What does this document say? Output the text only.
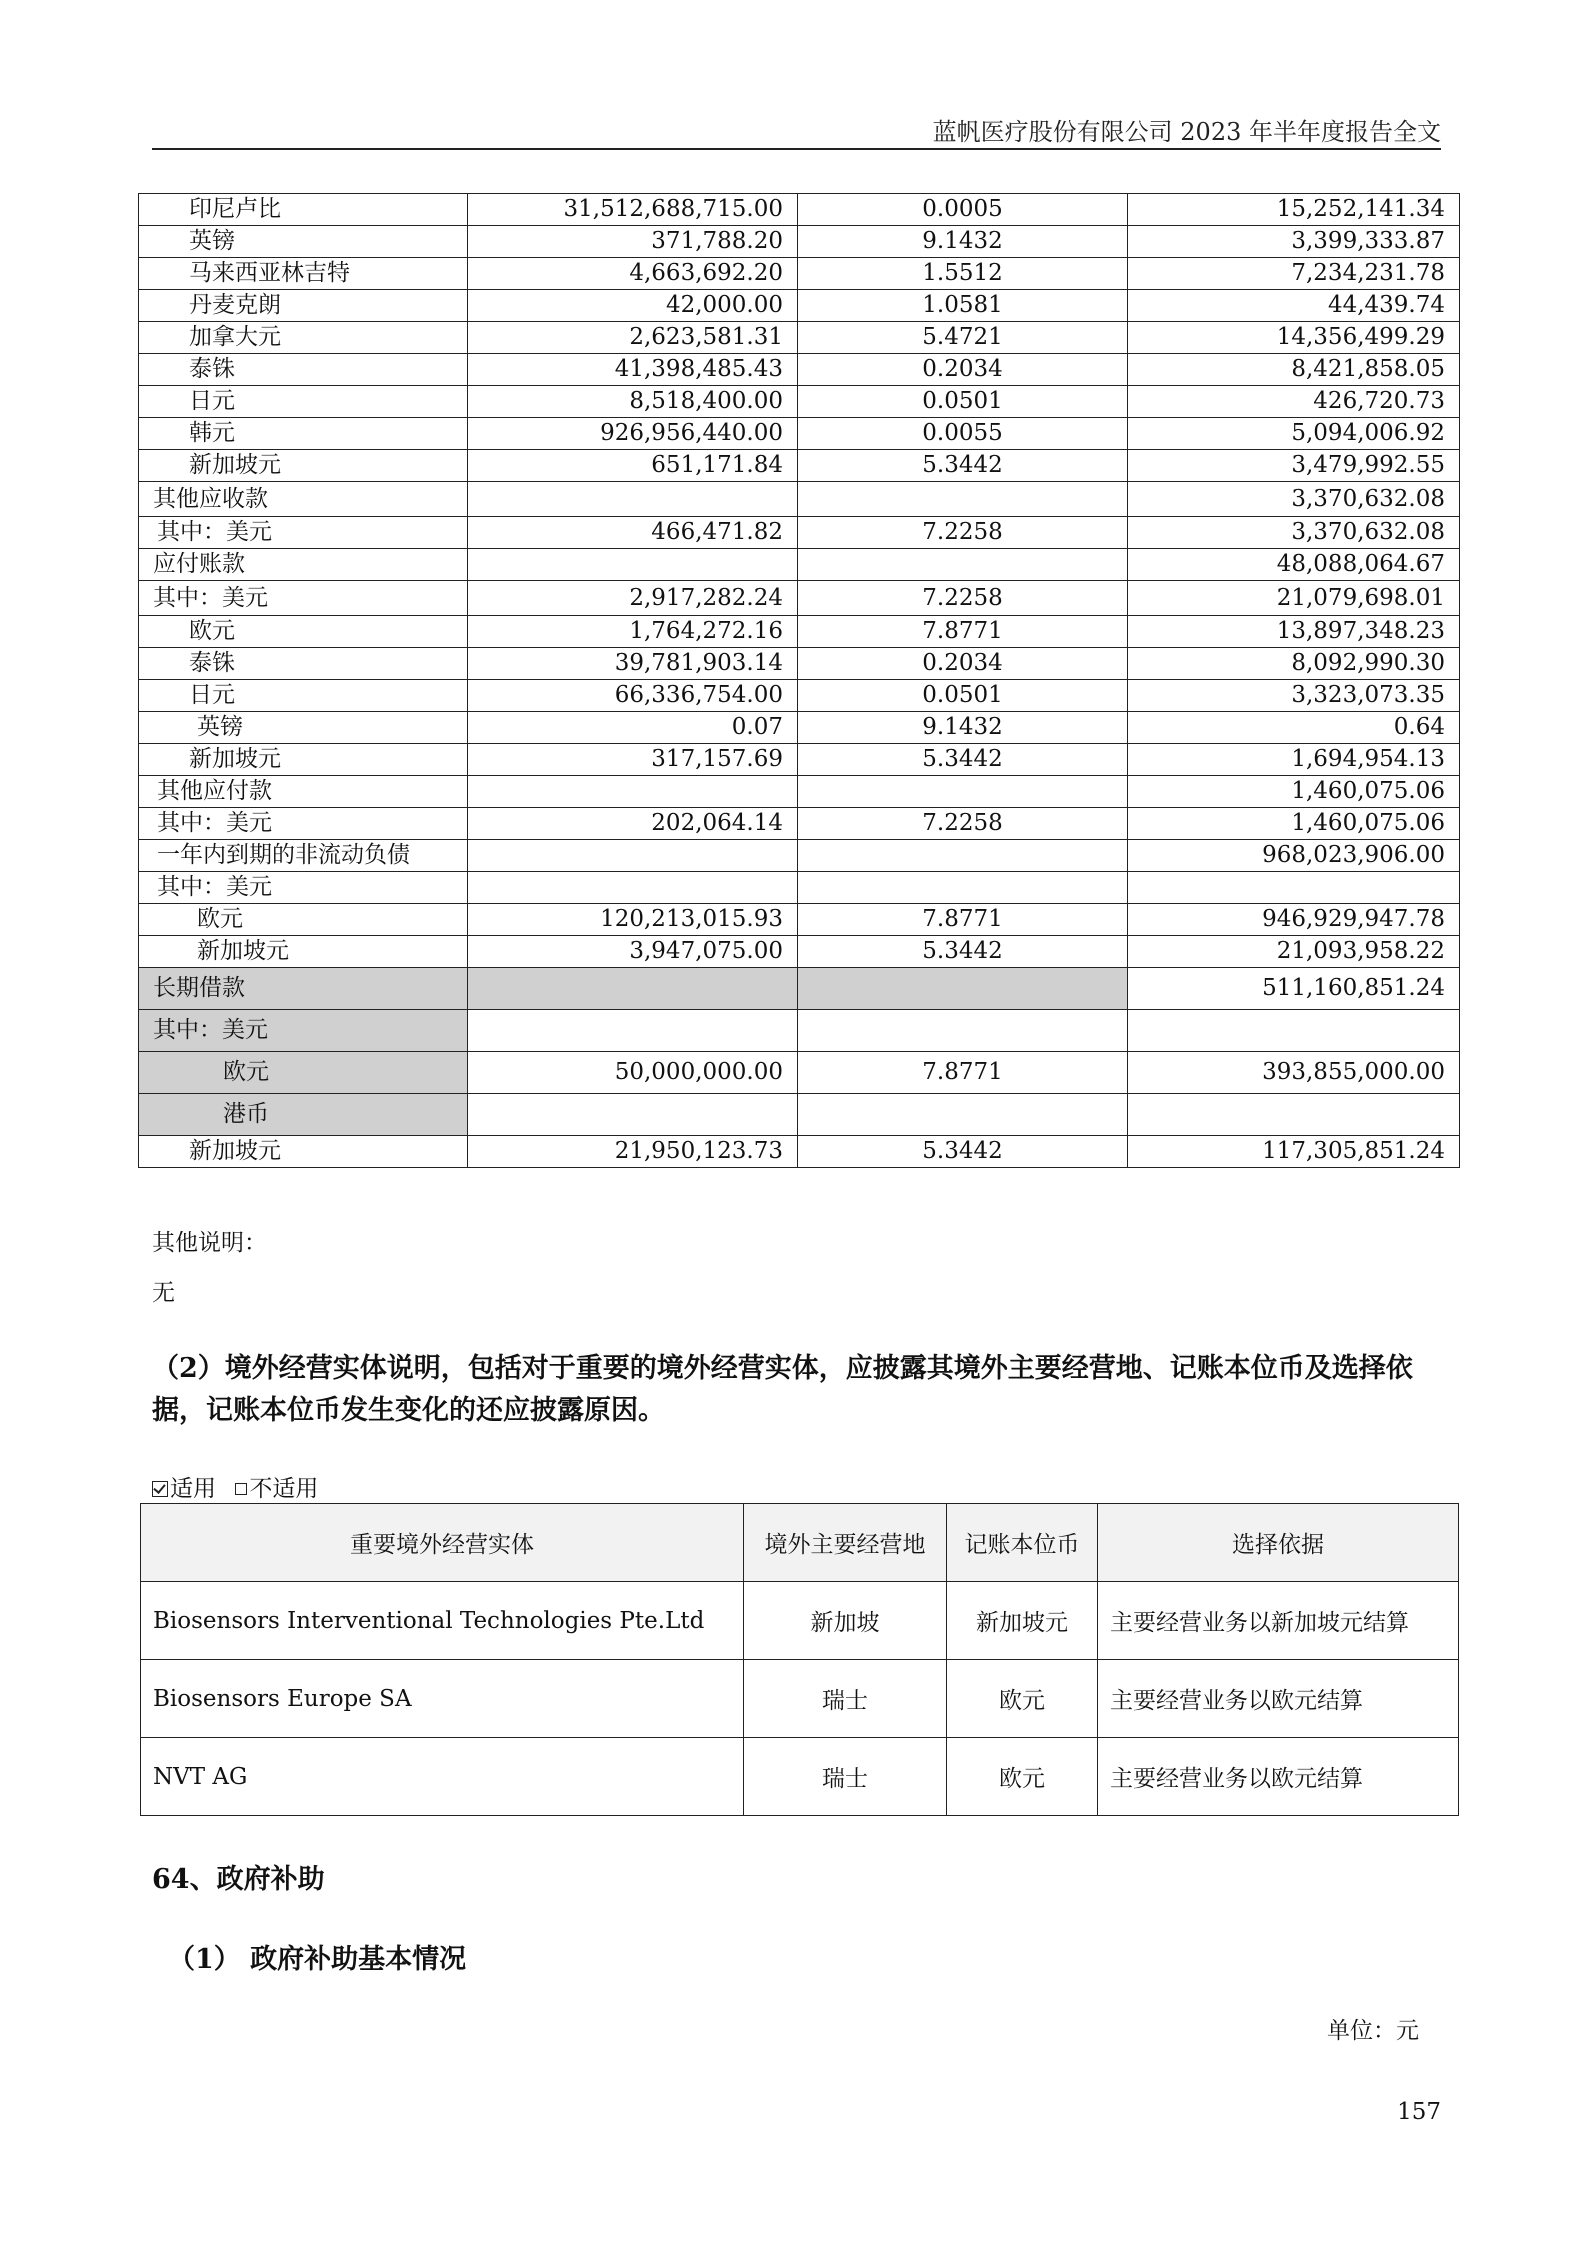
蓝帆医疗股份有限公司 2023 年半年度报告全文
印尼卢比	31,512,688,715.00	0.0005	15,252,141.34
英镑	371,788.20	9.1432	3,399,333.87
马来西亚林吉特	4,663,692.20	1.5512	7,234,231.78
丹麦克朗	42,000.00	1.0581	44,439.74
加拿大元	2,623,581.31	5.4721	14,356,499.29
泰铢	41,398,485.43	0.2034	8,421,858.05
日元	8,518,400.00	0.0501	426,720.73
韩元	926,956,440.00	0.0055	5,094,006.92
新加坡元	651,171.84	5.3442	3,479,992.55
其他应收款			3,370,632.08
其中：美元	466,471.82	7.2258	3,370,632.08
应付账款			48,088,064.67
其中：美元	2,917,282.24	7.2258	21,079,698.01
欧元	1,764,272.16	7.8771	13,897,348.23
泰铢	39,781,903.14	0.2034	8,092,990.30
日元	66,336,754.00	0.0501	3,323,073.35
英镑	0.07	9.1432	0.64
新加坡元	317,157.69	5.3442	1,694,954.13
其他应付款			1,460,075.06
其中：美元	202,064.14	7.2258	1,460,075.06
一年内到期的非流动负债			968,023,906.00
其中：美元			
欧元	120,213,015.93	7.8771	946,929,947.78
新加坡元	3,947,075.00	5.3442	21,093,958.22
长期借款			511,160,851.24
其中：美元			
欧元	50,000,000.00	7.8771	393,855,000.00
港币			
新加坡元	21,950,123.73	5.3442	117,305,851.24
其他说明：
无
（2）境外经营实体说明，包括对于重要的境外经营实体，应披露其境外主要经营地、记账本位币及选择依据，记账本位币发生变化的还应披露原因。
适用 不适用
重要境外经营实体	境外主要经营地	记账本位币	选择依据
Biosensors Interventional Technologies Pte.Ltd	新加坡	新加坡元	主要经营业务以新加坡元结算
Biosensors Europe SA	瑞士	欧元	主要经营业务以欧元结算
NVT AG	瑞士	欧元	主要经营业务以欧元结算
64、政府补助
（1） 政府补助基本情况
单位：元
157
